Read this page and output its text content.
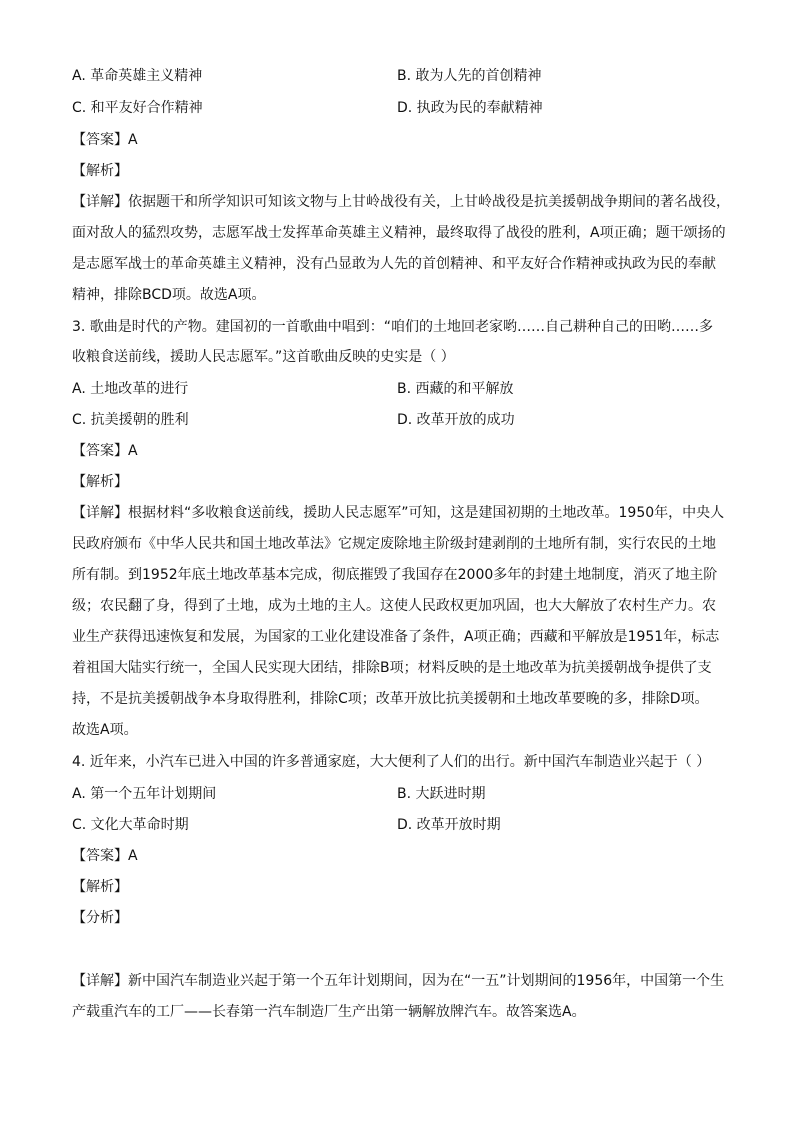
A. 革命英雄主义精神	B. 敢为人先的首创精神
C. 和平友好合作精神	D. 执政为民的奉献精神
【答案】A
【解析】
【详解】依据题干和所学知识可知该文物与上甘岭战役有关，上甘岭战役是抗美援朝战争期间的著名战役，
面对敌人的猛烈攻势，志愿军战士发挥革命英雄主义精神，最终取得了战役的胜利，A项正确；题干颂扬的
是志愿军战士的革命英雄主义精神，没有凸显敢为人先的首创精神、和平友好合作精神或执政为民的奉献
精神，排除BCD项。故选A项。
3. 歌曲是时代的产物。建国初的一首歌曲中唱到：“咱们的土地回老家哟……自己耕种自己的田哟……多
收粮食送前线，援助人民志愿军。”这首歌曲反映的史实是（ ）
A. 土地改革的进行	B. 西藏的和平解放
C. 抗美援朝的胜利	D. 改革开放的成功
【答案】A
【解析】
【详解】根据材料“多收粮食送前线，援助人民志愿军”可知，这是建国初期的土地改革。1950年，中央人
民政府颁布《中华人民共和国土地改革法》它规定废除地主阶级封建剥削的土地所有制，实行农民的土地
所有制。到1952年底土地改革基本完成，彻底摧毁了我国存在2000多年的封建土地制度，消灭了地主阶
级；农民翻了身，得到了土地，成为土地的主人。这使人民政权更加巩固，也大大解放了农村生产力。农
业生产获得迅速恢复和发展，为国家的工业化建设准备了条件，A项正确；西藏和平解放是1951年，标志
着祖国大陆实行统一，全国人民实现大团结，排除B项；材料反映的是土地改革为抗美援朝战争提供了支
持，不是抗美援朝战争本身取得胜利，排除C项；改革开放比抗美援朝和土地改革要晚的多，排除D项。
故选A项。
4. 近年来，小汽车已进入中国的许多普通家庭，大大便利了人们的出行。新中国汽车制造业兴起于（ ）
A. 第一个五年计划期间	B. 大跃进时期
C. 文化大革命时期	D. 改革开放时期
【答案】A
【解析】
【分析】
【详解】新中国汽车制造业兴起于第一个五年计划期间，因为在“一五”计划期间的1956年，中国第一个生
产载重汽车的工厂——长春第一汽车制造厂生产出第一辆解放牌汽车。故答案选A。
